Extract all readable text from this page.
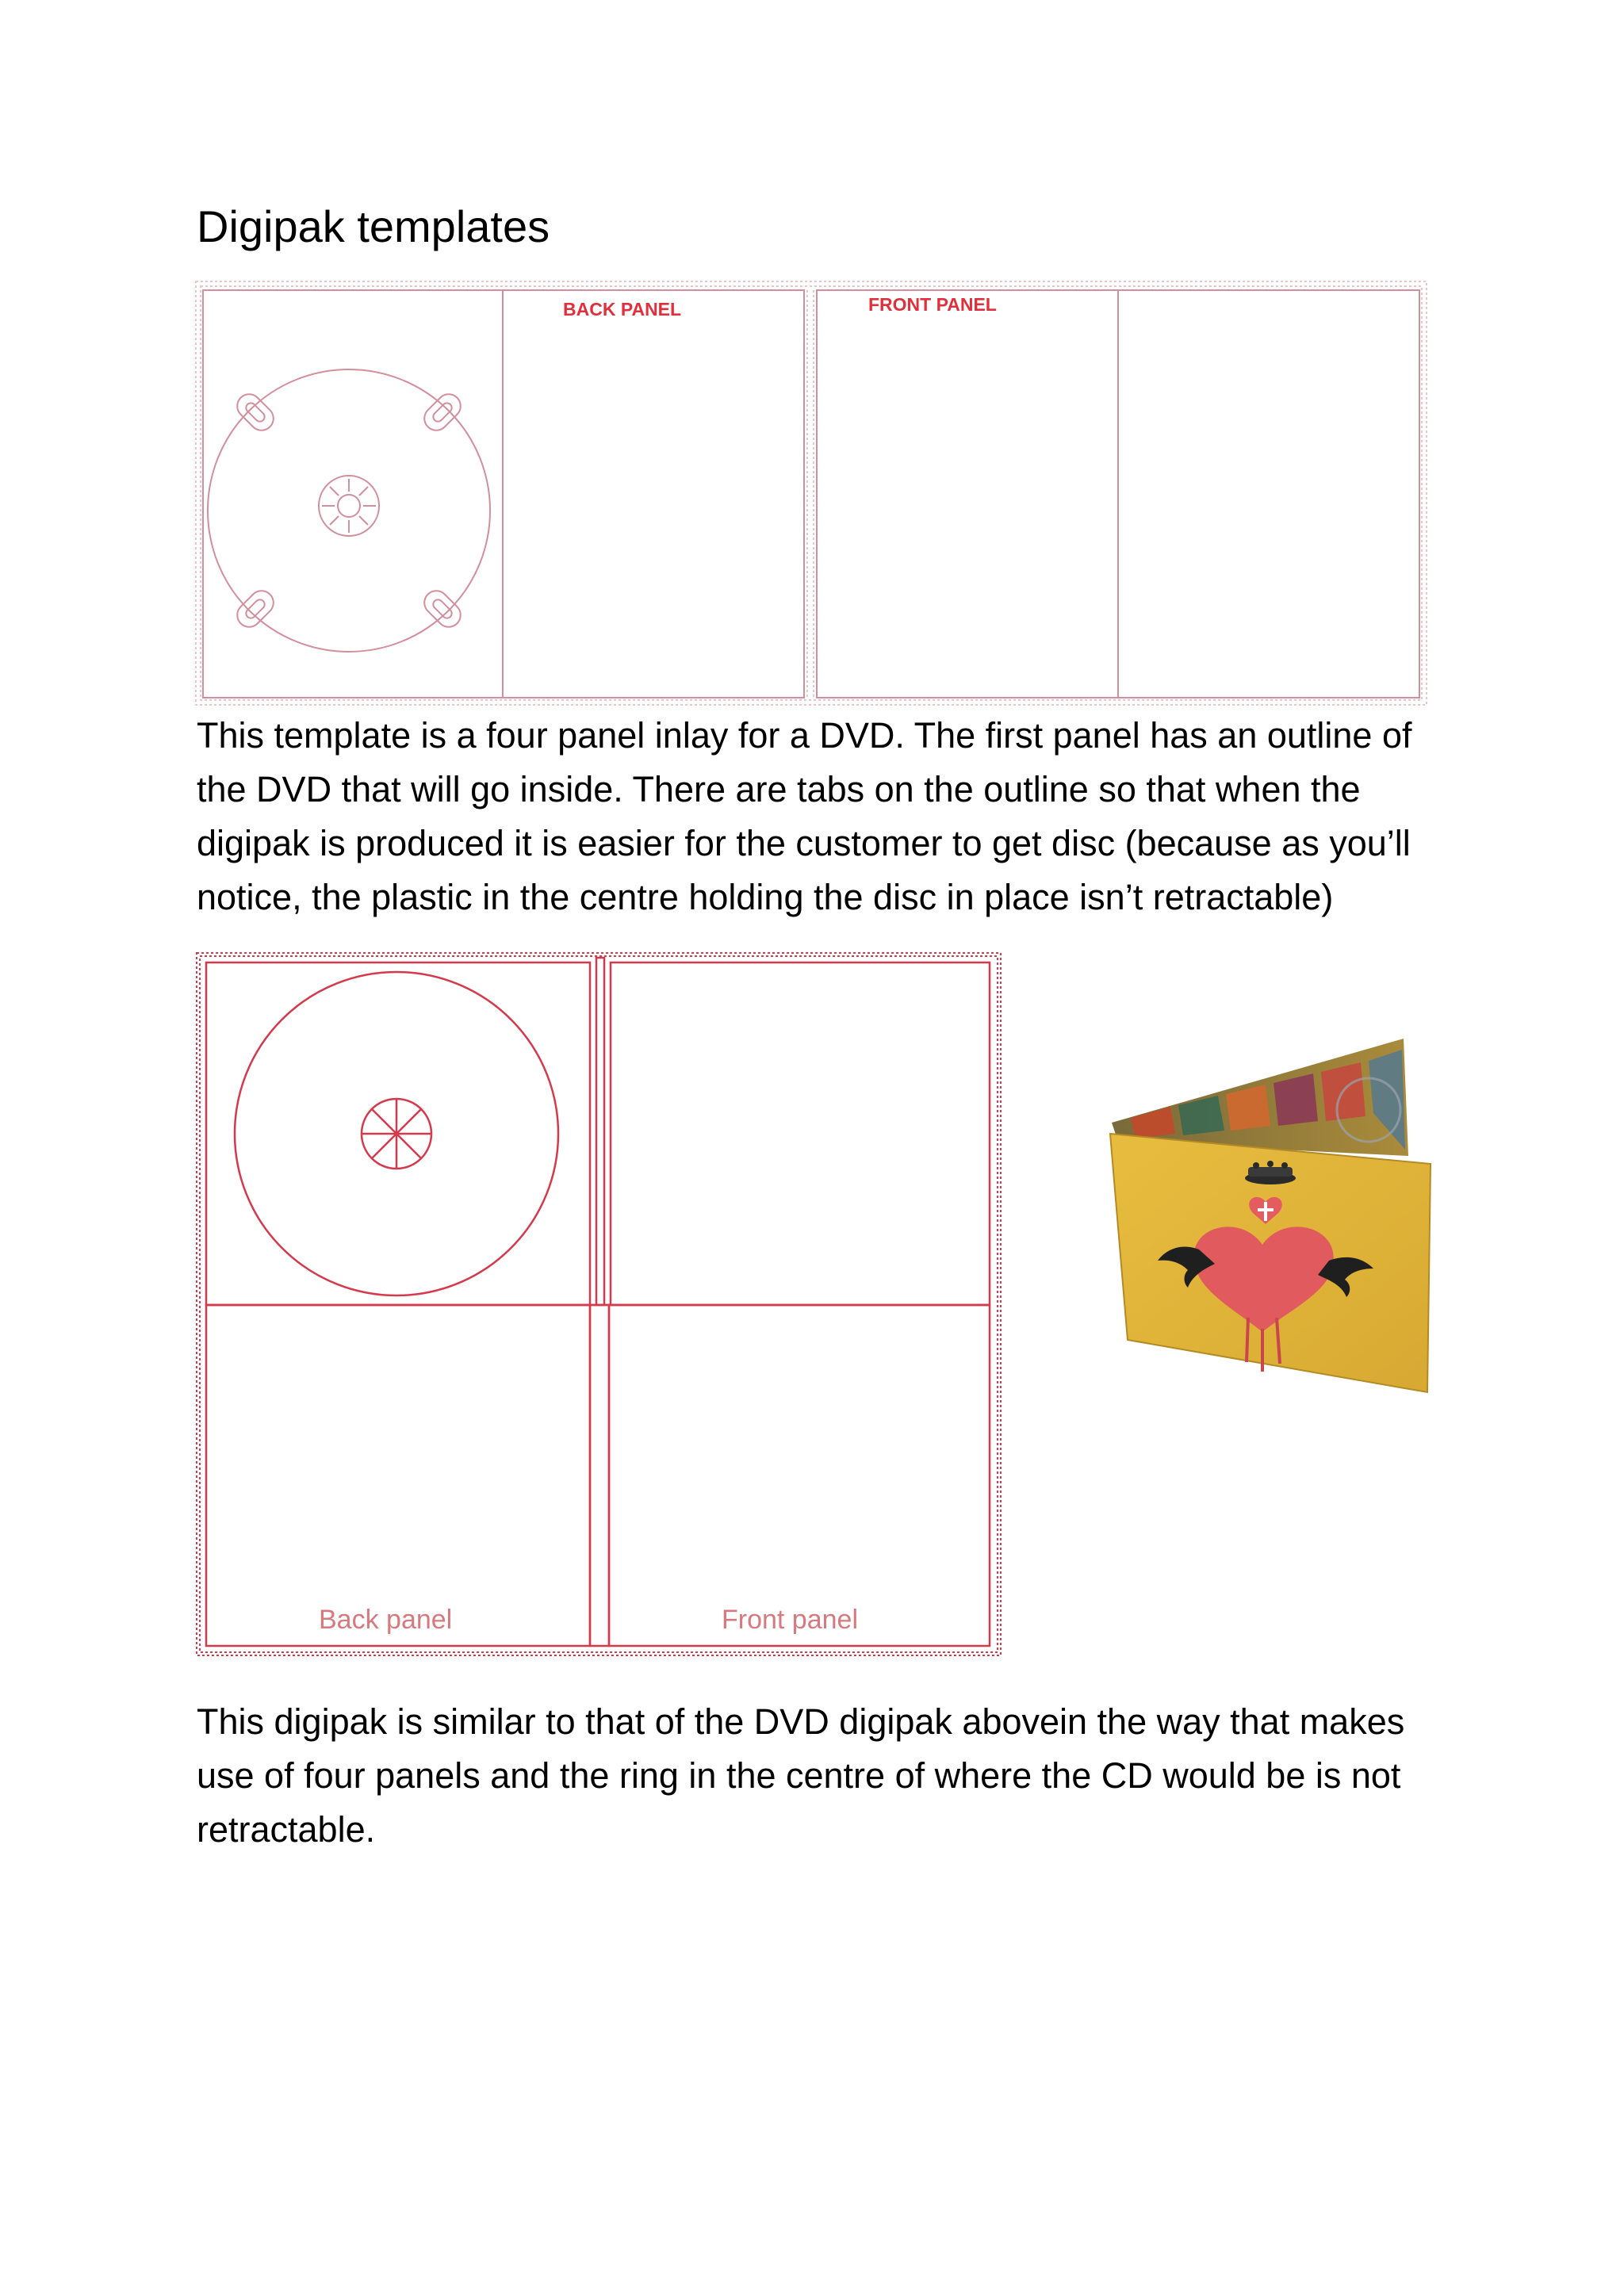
Digipak templates
BACK PANEL	FRONT PANEL

This template is a four panel inlay for a DVD. The first panel has an outline of
the DVD that will go inside. There are tabs on the outline so that when the
digipak is produced it is easier for the customer to get disc (because as you’ll
notice, the plastic in the centre holding the disc in place isn’t retractable)

Back panel	Front panel

This digipak is similar to that of the DVD digipak abovein the way that makes
use of four panels and the ring in the centre of where the CD would be is not
retractable.
